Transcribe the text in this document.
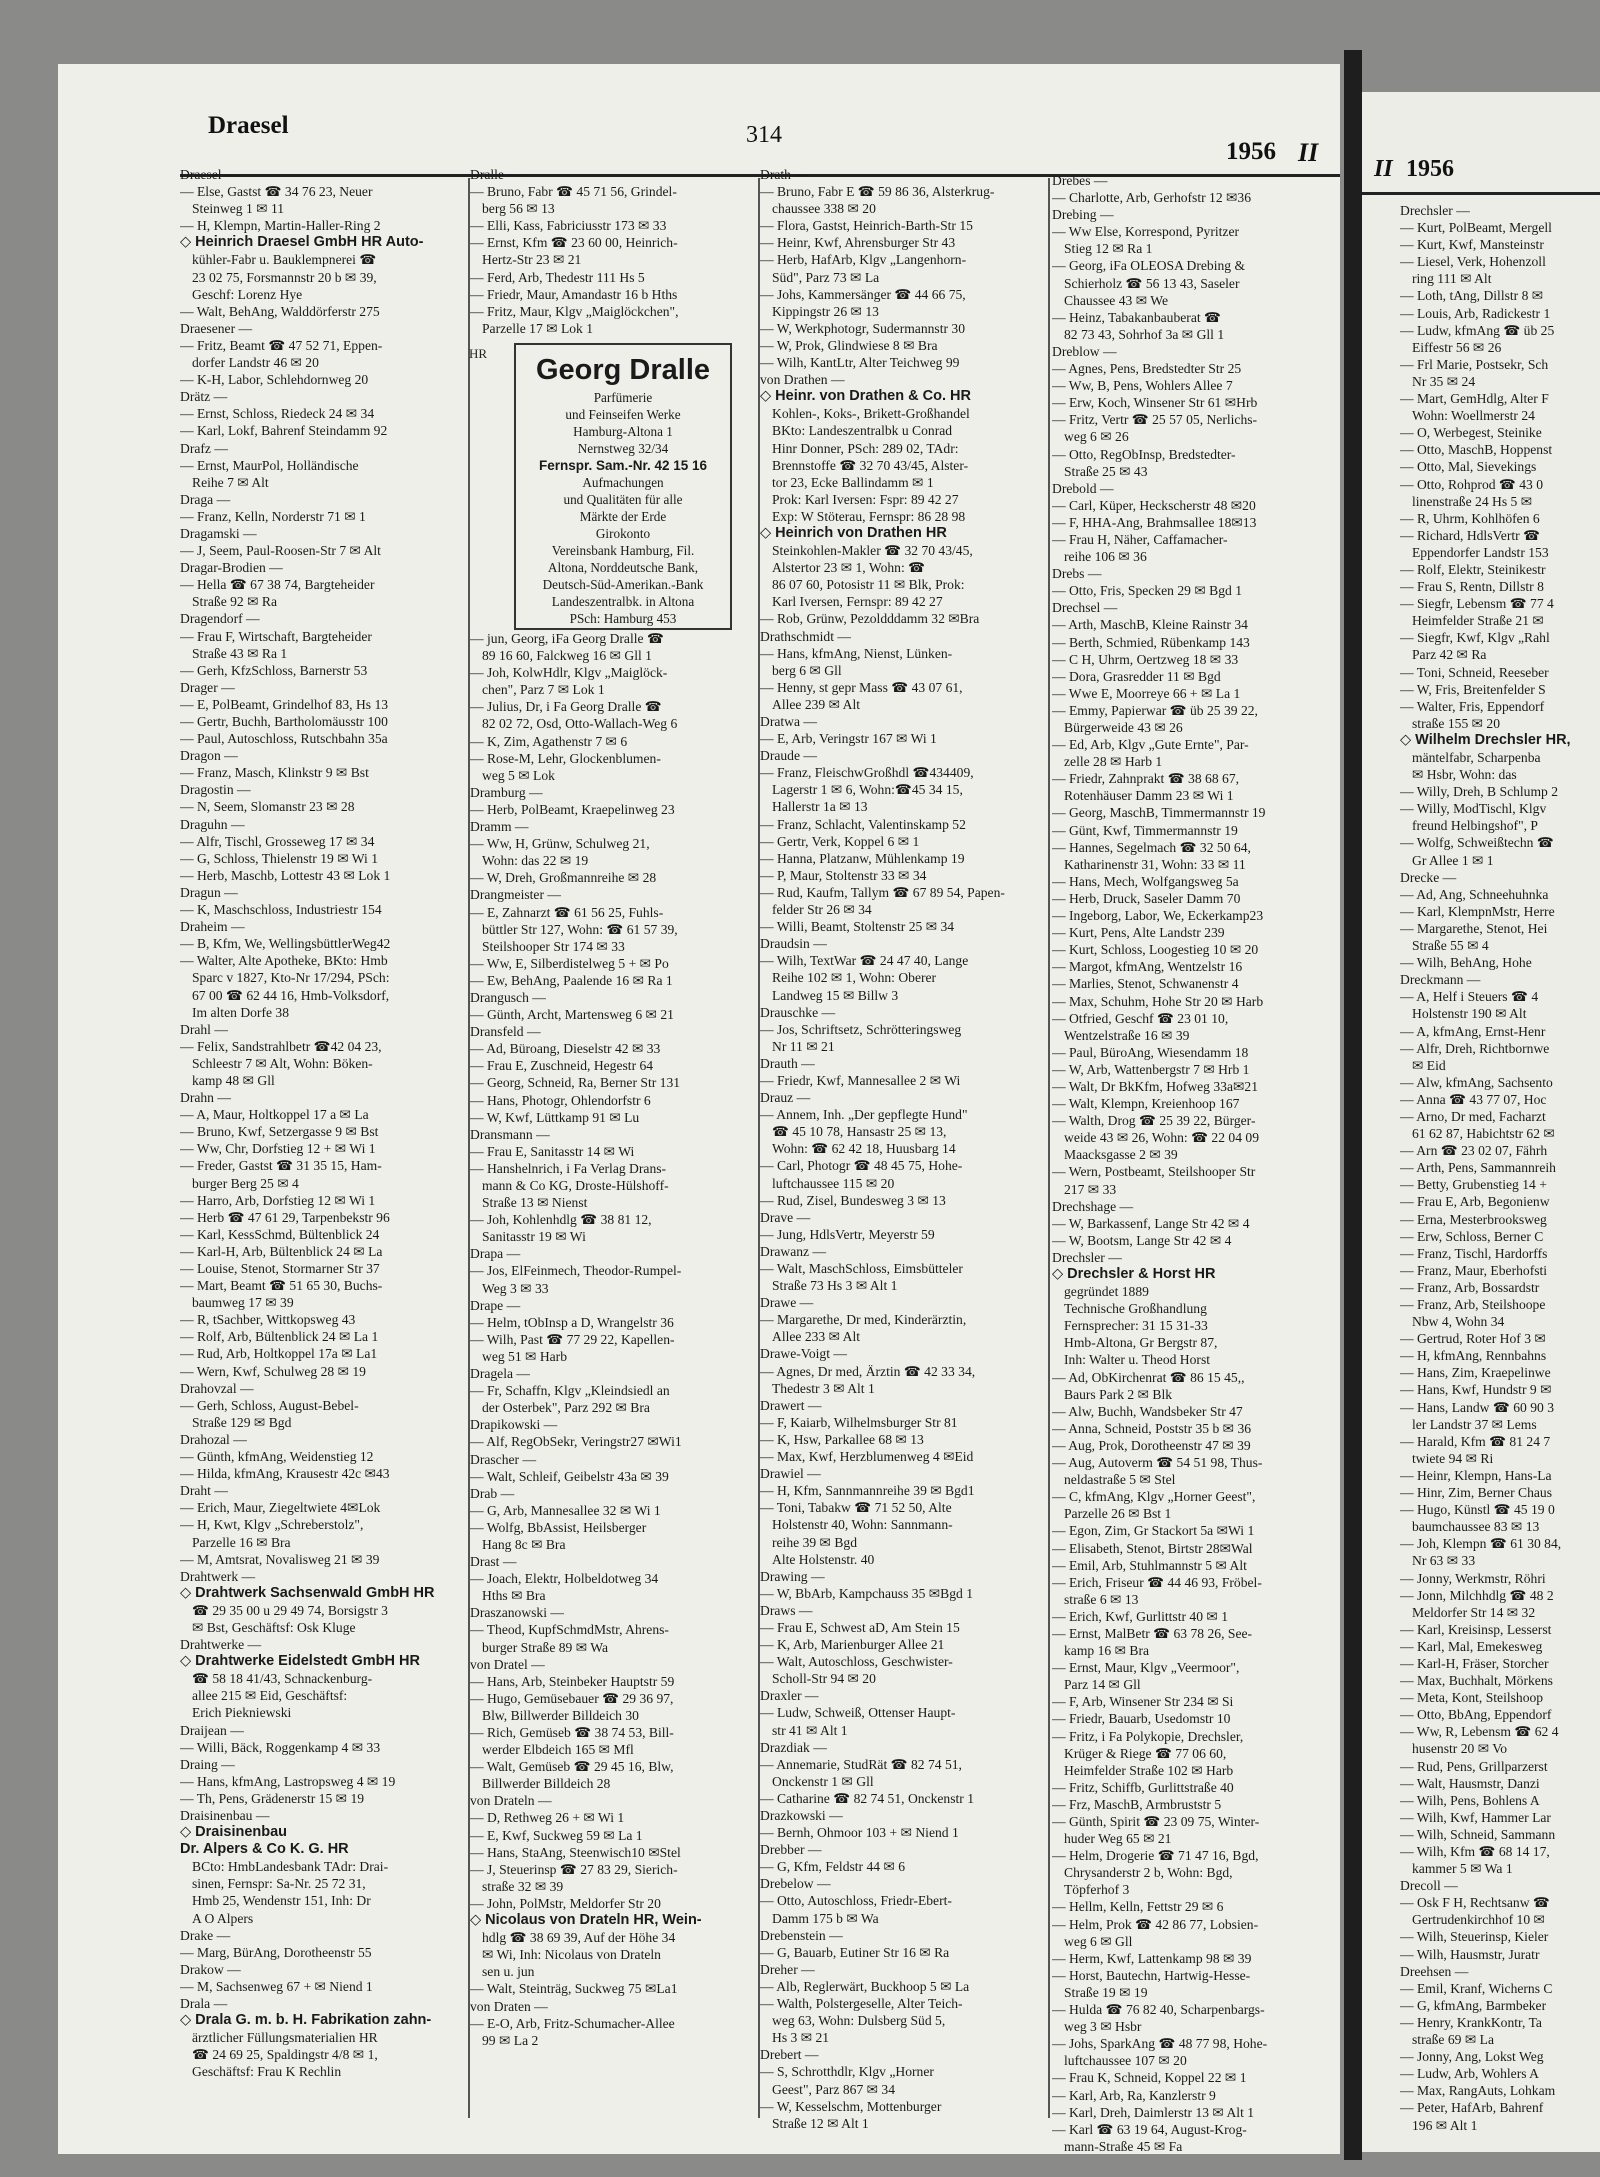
II 1956
Drechsler —
— Kurt, PolBeamt, Mergell
— Kurt, Kwf, Mansteinstr
— Liesel, Verk, Hohenzoll
ring 111 ✉ Alt
— Loth, tAng, Dillstr 8 ✉
— Louis, Arb, Radickestr 1
— Ludw, kfmAng ☎ üb 25
Eiffestr 56 ✉ 26
— Frl Marie, Postsekr, Sch
Nr 35 ✉ 24
— Mart, GemHdlg, Alter F
Wohn: Woellmerstr 24
— O, Werbegest, Steinike
— Otto, MaschB, Hoppenst
— Otto, Mal, Sievekings
— Otto, Rohprod ☎ 43 0
linenstraße 24 Hs 5 ✉
— R, Uhrm, Kohlhöfen 6
— Richard, HdlsVertr ☎
Eppendorfer Landstr 153
— Rolf, Elektr, Steinikestr
— Frau S, Rentn, Dillstr 8
— Siegfr, Lebensm ☎ 77 4
Heimfelder Straße 21 ✉
— Siegfr, Kwf, Klgv „Rahl
Parz 42 ✉ Ra
— Toni, Schneid, Reeseber
— W, Fris, Breitenfelder S
— Walter, Fris, Eppendorf
straße 155 ✉ 20
◇ Wilhelm Drechsler HR,
mäntelfabr, Scharpenba
✉ Hsbr, Wohn: das
— Willy, Dreh, B Schlump 2
— Willy, ModTischl, Klgv
freund Helbingshof", P
— Wolfg, Schweißtechn ☎
Gr Allee 1 ✉ 1
Drecke —
— Ad, Ang, Schneehuhnka
— Karl, KlempnMstr, Herre
— Margarethe, Stenot, Hei
Straße 55 ✉ 4
— Wilh, BehAng, Hohe
Dreckmann —
— A, Helf i Steuers ☎ 4
Holstenstr 190 ✉ Alt
— A, kfmAng, Ernst-Henr
— Alfr, Dreh, Richtbornwe
✉ Eid
— Alw, kfmAng, Sachsento
— Anna ☎ 43 77 07, Hoc
— Arno, Dr med, Facharzt
61 62 87, Habichtstr 62 ✉
— Arn ☎ 23 02 07, Fährh
— Arth, Pens, Sammannreih
— Betty, Grubenstieg 14 +
— Frau E, Arb, Begonienw
— Erna, Mesterbrooksweg
— Erw, Schloss, Berner C
— Franz, Tischl, Hardorffs
— Franz, Maur, Eberhofsti
— Franz, Arb, Bossardstr
— Franz, Arb, Steilshoope
Nbw 4, Wohn 34
— Gertrud, Roter Hof 3 ✉
— H, kfmAng, Rennbahns
— Hans, Zim, Kraepelinwe
— Hans, Kwf, Hundstr 9 ✉
— Hans, Landw ☎ 60 90 3
ler Landstr 37 ✉ Lems
— Harald, Kfm ☎ 81 24 7
twiete 94 ✉ Ri
— Heinr, Klempn, Hans-La
— Hinr, Zim, Berner Chaus
— Hugo, Künstl ☎ 45 19 0
baumchaussee 83 ✉ 13
— Joh, Klempn ☎ 61 30 84,
Nr 63 ✉ 33
— Jonny, Werkmstr, Röhri
— Jonn, Milchhdlg ☎ 48 2
Meldorfer Str 14 ✉ 32
— Karl, Kreisinsp, Lesserst
— Karl, Mal, Emekesweg
— Karl-H, Fräser, Storcher
— Max, Buchhalt, Mörkens
— Meta, Kont, Steilshoop
— Otto, BbAng, Eppendorf
— Ww, R, Lebensm ☎ 62 4
husenstr 20 ✉ Vo
— Rud, Pens, Grillparzerst
— Walt, Hausmstr, Danzi
— Wilh, Pens, Bohlens A
— Wilh, Kwf, Hammer Lar
— Wilh, Schneid, Sammann
— Wilh, Kfm ☎ 68 14 17,
kammer 5 ✉ Wa 1
Drecoll —
— Osk F H, Rechtsanw ☎
Gertrudenkirchhof 10 ✉
— Wilh, Steuerinsp, Kieler
— Wilh, Hausmstr, Juratr
Dreehsen —
— Emil, Kranf, Wicherns C
— G, kfmAng, Barmbeker
— Henry, KrankKontr, Ta
straße 69 ✉ La
— Jonny, Ang, Lokst Weg
— Ludw, Arb, Wohlers A
— Max, RangAuts, Lohkam
— Peter, HafArb, Bahrenf
196 ✉ Alt 1
Draesel	314
1956 II
Draesel —
— Else, Gastst ☎ 34 76 23, Neuer
Steinweg 1 ✉ 11
— H, Klempn, Martin-Haller-Ring 2
◇ Heinrich Draesel GmbH HR Auto-
kühler-Fabr u. Bauklempnerei ☎
23 02 75, Forsmannstr 20 b ✉ 39,
Geschf: Lorenz Hye
— Walt, BehAng, Walddörferstr 275
Draesener —
— Fritz, Beamt ☎ 47 52 71, Eppen-
dorfer Landstr 46 ✉ 20
— K-H, Labor, Schlehdornweg 20
Drätz —
— Ernst, Schloss, Riedeck 24 ✉ 34
— Karl, Lokf, Bahrenf Steindamm 92
Drafz —
— Ernst, MaurPol, Holländische
Reihe 7 ✉ Alt
Draga —
— Franz, Kelln, Norderstr 71 ✉ 1
Dragamski —
— J, Seem, Paul-Roosen-Str 7 ✉ Alt
Dragar-Brodien —
— Hella ☎ 67 38 74, Bargteheider
Straße 92 ✉ Ra
Dragendorf —
— Frau F, Wirtschaft, Bargteheider
Straße 43 ✉ Ra 1
— Gerh, KfzSchloss, Barnerstr 53
Drager —
— E, PolBeamt, Grindelhof 83, Hs 13
— Gertr, Buchh, Bartholomäusstr 100
— Paul, Autoschloss, Rutschbahn 35a
Dragon —
— Franz, Masch, Klinkstr 9 ✉ Bst
Dragostin —
— N, Seem, Slomanstr 23 ✉ 28
Draguhn —
— Alfr, Tischl, Grosseweg 17 ✉ 34
— G, Schloss, Thielenstr 19 ✉ Wi 1
— Herb, Maschb, Lottestr 43 ✉ Lok 1
Dragun —
— K, Maschschloss, Industriestr 154
Draheim —
— B, Kfm, We, WellingsbüttlerWeg42
— Walter, Alte Apotheke, BKto: Hmb
Sparc v 1827, Kto-Nr 17/294, PSch:
67 00 ☎ 62 44 16, Hmb-Volksdorf,
Im alten Dorfe 38
Drahl —
— Felix, Sandstrahlbetr ☎42 04 23,
Schleestr 7 ✉ Alt, Wohn: Böken-
kamp 48 ✉ Gll
Drahn —
— A, Maur, Holtkoppel 17 a ✉ La
— Bruno, Kwf, Setzergasse 9 ✉ Bst
— Ww, Chr, Dorfstieg 12 + ✉ Wi 1
— Freder, Gastst ☎ 31 35 15, Ham-
burger Berg 25 ✉ 4
— Harro, Arb, Dorfstieg 12 ✉ Wi 1
— Herb ☎ 47 61 29, Tarpenbekstr 96
— Karl, KessSchmd, Bültenblick 24
— Karl-H, Arb, Bültenblick 24 ✉ La
— Louise, Stenot, Stormarner Str 37
— Mart, Beamt ☎ 51 65 30, Buchs-
baumweg 17 ✉ 39
— R, tSachber, Wittkopsweg 43
— Rolf, Arb, Bültenblick 24 ✉ La 1
— Rud, Arb, Holtkoppel 17a ✉ La1
— Wern, Kwf, Schulweg 28 ✉ 19
Drahovzal —
— Gerh, Schloss, August-Bebel-
Straße 129 ✉ Bgd
Drahozal —
— Günth, kfmAng, Weidenstieg 12
— Hilda, kfmAng, Krausestr 42c ✉43
Draht —
— Erich, Maur, Ziegeltwiete 4✉Lok
— H, Kwt, Klgv „Schreberstolz",
Parzelle 16 ✉ Bra
— M, Amtsrat, Novalisweg 21 ✉ 39
Drahtwerk —
◇ Drahtwerk Sachsenwald GmbH HR
☎ 29 35 00 u 29 49 74, Borsigstr 3
✉ Bst, Geschäftsf: Osk Kluge
Drahtwerke —
◇ Drahtwerke Eidelstedt GmbH HR
☎ 58 18 41/43, Schnackenburg-
allee 215 ✉ Eid, Geschäftsf:
Erich Piekniewski
Draijean —
— Willi, Bäck, Roggenkamp 4 ✉ 33
Draing —
— Hans, kfmAng, Lastropsweg 4 ✉ 19
— Th, Pens, Grädenerstr 15 ✉ 19
Draisinenbau —
◇ Draisinenbau
Dr. Alpers & Co K. G. HR
BCto: HmbLandesbank TAdr: Drai-
sinen, Fernspr: Sa-Nr. 25 72 31,
Hmb 25, Wendenstr 151, Inh: Dr
A O Alpers
Drake —
— Marg, BürAng, Dorotheenstr 55
Drakow —
— M, Sachsenweg 67 + ✉ Niend 1
Drala —
◇ Drala G. m. b. H. Fabrikation zahn-
ärztlicher Füllungsmaterialien HR
☎ 24 69 25, Spaldingstr 4/8 ✉ 1,
Geschäftsf: Frau K Rechlin
Dralle —
— Bruno, Fabr ☎ 45 71 56, Grindel-
berg 56 ✉ 13
— Elli, Kass, Fabriciusstr 173 ✉ 33
— Ernst, Kfm ☎ 23 60 00, Heinrich-
Hertz-Str 23 ✉ 21
— Ferd, Arb, Thedestr 111 Hs 5
— Friedr, Maur, Amandastr 16 b Hths
— Fritz, Maur, Klgv „Maiglöckchen",
Parzelle 17 ✉ Lok 1
— jun, Georg, iFa Georg Dralle ☎
89 16 60, Falckweg 16 ✉ Gll 1
— Joh, KolwHdlr, Klgv „Maiglöck-
chen", Parz 7 ✉ Lok 1
— Julius, Dr, i Fa Georg Dralle ☎
82 02 72, Osd, Otto-Wallach-Weg 6
— K, Zim, Agathenstr 7 ✉ 6
— Rose-M, Lehr, Glockenblumen-
weg 5 ✉ Lok
Dramburg —
— Herb, PolBeamt, Kraepelinweg 23
Dramm —
— Ww, H, Grünw, Schulweg 21,
Wohn: das 22 ✉ 19
— W, Dreh, Großmannreihe ✉ 28
Drangmeister —
— E, Zahnarzt ☎ 61 56 25, Fuhls-
büttler Str 127, Wohn: ☎ 61 57 39,
Steilshooper Str 174 ✉ 33
— Ww, E, Silberdistelweg 5 + ✉ Po
— Ew, BehAng, Paalende 16 ✉ Ra 1
Drangusch —
— Günth, Archt, Martensweg 6 ✉ 21
Dransfeld —
— Ad, Büroang, Dieselstr 42 ✉ 33
— Frau E, Zuschneid, Hegestr 64
— Georg, Schneid, Ra, Berner Str 131
— Hans, Photogr, Ohlendorfstr 6
— W, Kwf, Lüttkamp 91 ✉ Lu
Dransmann —
— Frau E, Sanitasstr 14 ✉ Wi
— Hanshelnrich, i Fa Verlag Drans-
mann & Co KG, Droste-Hülshoff-
Straße 13 ✉ Nienst
— Joh, Kohlenhdlg ☎ 38 81 12,
Sanitasstr 19 ✉ Wi
Drapa —
— Jos, ElFeinmech, Theodor-Rumpel-
Weg 3 ✉ 33
Drape —
— Helm, tObInsp a D, Wrangelstr 36
— Wilh, Past ☎ 77 29 22, Kapellen-
weg 51 ✉ Harb
Dragela —
— Fr, Schaffn, Klgv „Kleindsiedl an
der Osterbek", Parz 292 ✉ Bra
Drapikowski —
— Alf, RegObSekr, Veringstr27 ✉Wi1
Drascher —
— Walt, Schleif, Geibelstr 43a ✉ 39
Drab —
— G, Arb, Mannesallee 32 ✉ Wi 1
— Wolfg, BbAssist, Heilsberger
Hang 8c ✉ Bra
Drast —
— Joach, Elektr, Holbeldotweg 34
Hths ✉ Bra
Draszanowski —
— Theod, KupfSchmdMstr, Ahrens-
burger Straße 89 ✉ Wa
von Dratel —
— Hans, Arb, Steinbeker Hauptstr 59
— Hugo, Gemüsebauer ☎ 29 36 97,
Blw, Billwerder Billdeich 30
— Rich, Gemüseb ☎ 38 74 53, Bill-
werder Elbdeich 165 ✉ Mfl
— Walt, Gemüseb ☎ 29 45 16, Blw,
Billwerder Billdeich 28
von Drateln —
— D, Rethweg 26 + ✉ Wi 1
— E, Kwf, Suckweg 59 ✉ La 1
— Hans, StaAng, Steenwisch10 ✉Stel
— J, Steuerinsp ☎ 27 83 29, Sierich-
straße 32 ✉ 39
— John, PolMstr, Meldorfer Str 20
◇ Nicolaus von Drateln HR, Wein-
hdlg ☎ 38 69 39, Auf der Höhe 34
✉ Wi, Inh: Nicolaus von Drateln
sen u. jun
— Walt, Steinträg, Suckweg 75 ✉La1
von Draten —
— E-O, Arb, Fritz-Schumacher-Allee
99 ✉ La 2
Drath —
— Bruno, Fabr E ☎ 59 86 36, Alsterkrug-
chaussee 338 ✉ 20
— Flora, Gastst, Heinrich-Barth-Str 15
— Heinr, Kwf, Ahrensburger Str 43
— Herb, HafArb, Klgv „Langenhorn-
Süd", Parz 73 ✉ La
— Johs, Kammersänger ☎ 44 66 75,
Kippingstr 26 ✉ 13
— W, Werkphotogr, Sudermannstr 30
— W, Prok, Glindwiese 8 ✉ Bra
— Wilh, KantLtr, Alter Teichweg 99
von Drathen —
◇ Heinr. von Drathen & Co. HR
Kohlen-, Koks-, Brikett-Großhandel
BKto: Landeszentralbk u Conrad
Hinr Donner, PSch: 289 02, TAdr:
Brennstoffe ☎ 32 70 43/45, Alster-
tor 23, Ecke Ballindamm ✉ 1
Prok: Karl Iversen: Fspr: 89 42 27
Exp: W Stöterau, Fernspr: 86 28 98
◇ Heinrich von Drathen HR
Steinkohlen-Makler ☎ 32 70 43/45,
Alstertor 23 ✉ 1, Wohn: ☎
86 07 60, Potosistr 11 ✉ Blk, Prok:
Karl Iversen, Fernspr: 89 42 27
— Rob, Grünw, Pezoldddamm 32 ✉Bra
Drathschmidt —
— Hans, kfmAng, Nienst, Lünken-
berg 6 ✉ Gll
— Henny, st gepr Mass ☎ 43 07 61,
Allee 239 ✉ Alt
Dratwa —
— E, Arb, Veringstr 167 ✉ Wi 1
Draude —
— Franz, FleischwGroßhdl ☎434409,
Lagerstr 1 ✉ 6, Wohn:☎45 34 15,
Hallerstr 1a ✉ 13
— Franz, Schlacht, Valentinskamp 52
— Gertr, Verk, Koppel 6 ✉ 1
— Hanna, Platzanw, Mühlenkamp 19
— P, Maur, Stoltenstr 33 ✉ 34
— Rud, Kaufm, Tallym ☎ 67 89 54, Papen-
felder Str 26 ✉ 34
— Willi, Beamt, Stoltenstr 25 ✉ 34
Draudsin —
— Wilh, TextWar ☎ 24 47 40, Lange
Reihe 102 ✉ 1, Wohn: Oberer
Landweg 15 ✉ Billw 3
Drauschke —
— Jos, Schriftsetz, Schrötteringsweg
Nr 11 ✉ 21
Drauth —
— Friedr, Kwf, Mannesallee 2 ✉ Wi
Drauz —
— Annem, Inh. „Der gepflegte Hund"
☎ 45 10 78, Hansastr 25 ✉ 13,
Wohn: ☎ 62 42 18, Huusbarg 14
— Carl, Photogr ☎ 48 45 75, Hohe-
luftchaussee 115 ✉ 20
— Rud, Zisel, Bundesweg 3 ✉ 13
Drave —
— Jung, HdlsVertr, Meyerstr 59
Drawanz —
— Walt, MaschSchloss, Eimsbütteler
Straße 73 Hs 3 ✉ Alt 1
Drawe —
— Margarethe, Dr med, Kinderärztin,
Allee 233 ✉ Alt
Drawe-Voigt —
— Agnes, Dr med, Ärztin ☎ 42 33 34,
Thedestr 3 ✉ Alt 1
Drawert —
— F, Kaiarb, Wilhelmsburger Str 81
— K, Hsw, Parkallee 68 ✉ 13
— Max, Kwf, Herzblumenweg 4 ✉Eid
Drawiel —
— H, Kfm, Sannmannreihe 39 ✉ Bgd1
— Toni, Tabakw ☎ 71 52 50, Alte
Holstenstr 40, Wohn: Sannmann-
reihe 39 ✉ Bgd
Alte Holstenstr. 40
Drawing —
— W, BbArb, Kampchauss 35 ✉Bgd 1
Draws —
— Frau E, Schwest aD, Am Stein 15
— K, Arb, Marienburger Allee 21
— Walt, Autoschloss, Geschwister-
Scholl-Str 94 ✉ 20
Draxler —
— Ludw, Schweiß, Ottenser Haupt-
str 41 ✉ Alt 1
Drazdiak —
— Annemarie, StudRät ☎ 82 74 51,
Onckenstr 1 ✉ Gll
— Catharine ☎ 82 74 51, Onckenstr 1
Drazkowski —
— Bernh, Ohmoor 103 + ✉ Niend 1
Drebber —
— G, Kfm, Feldstr 44 ✉ 6
Drebelow —
— Otto, Autoschloss, Friedr-Ebert-
Damm 175 b ✉ Wa
Drebenstein —
— G, Bauarb, Eutiner Str 16 ✉ Ra
Dreher —
— Alb, Reglerwärt, Buckhoop 5 ✉ La
— Walth, Polstergeselle, Alter Teich-
weg 63, Wohn: Dulsberg Süd 5,
Hs 3 ✉ 21
Drebert —
— S, Schrotthdlr, Klgv „Horner
Geest", Parz 867 ✉ 34
— W, Kesselschm, Mottenburger
Straße 12 ✉ Alt 1
Drebes —
— Charlotte, Arb, Gerhofstr 12 ✉36
Drebing —
— Ww Else, Korrespond, Pyritzer
Stieg 12 ✉ Ra 1
— Georg, iFa OLEOSA Drebing &
Schierholz ☎ 56 13 43, Saseler
Chaussee 43 ✉ We
— Heinz, Tabakanbauberat ☎
82 73 43, Sohrhof 3a ✉ Gll 1
Dreblow —
— Agnes, Pens, Bredstedter Str 25
— Ww, B, Pens, Wohlers Allee 7
— Erw, Koch, Winsener Str 61 ✉Hrb
— Fritz, Vertr ☎ 25 57 05, Nerlichs-
weg 6 ✉ 26
— Otto, RegObInsp, Bredstedter-
Straße 25 ✉ 43
Drebold —
— Carl, Küper, Heckscherstr 48 ✉20
— F, HHA-Ang, Brahmsallee 18✉13
— Frau H, Näher, Caffamacher-
reihe 106 ✉ 36
Drebs —
— Otto, Fris, Specken 29 ✉ Bgd 1
Drechsel —
— Arth, MaschB, Kleine Rainstr 34
— Berth, Schmied, Rübenkamp 143
— C H, Uhrm, Oertzweg 18 ✉ 33
— Dora, Grasredder 11 ✉ Bgd
— Wwe E, Moorreye 66 + ✉ La 1
— Emmy, Papierwar ☎ üb 25 39 22,
Bürgerweide 43 ✉ 26
— Ed, Arb, Klgv „Gute Ernte", Par-
zelle 28 ✉ Harb 1
— Friedr, Zahnprakt ☎ 38 68 67,
Rotenhäuser Damm 23 ✉ Wi 1
— Georg, MaschB, Timmermannstr 19
— Günt, Kwf, Timmermannstr 19
— Hannes, Segelmach ☎ 32 50 64,
Katharinenstr 31, Wohn: 33 ✉ 11
— Hans, Mech, Wolfgangsweg 5a
— Herb, Druck, Saseler Damm 70
— Ingeborg, Labor, We, Eckerkamp23
— Kurt, Pens, Alte Landstr 239
— Kurt, Schloss, Loogestieg 10 ✉ 20
— Margot, kfmAng, Wentzelstr 16
— Marlies, Stenot, Schwanenstr 4
— Max, Schuhm, Hohe Str 20 ✉ Harb
— Otfried, Geschf ☎ 23 01 10,
Wentzelstraße 16 ✉ 39
— Paul, BüroAng, Wiesendamm 18
— W, Arb, Wattenbergstr 7 ✉ Hrb 1
— Walt, Dr BkKfm, Hofweg 33a✉21
— Walt, Klempn, Kreienhoop 167
— Walth, Drog ☎ 25 39 22, Bürger-
weide 43 ✉ 26, Wohn: ☎ 22 04 09
Maacksgasse 2 ✉ 39
— Wern, Postbeamt, Steilshooper Str
217 ✉ 33
Drechshage —
— W, Barkassenf, Lange Str 42 ✉ 4
— W, Bootsm, Lange Str 42 ✉ 4
Drechsler —
◇ Drechsler & Horst HR
gegründet 1889
Technische Großhandlung
Fernsprecher: 31 15 31-33
Hmb-Altona, Gr Bergstr 87,
Inh: Walter u. Theod Horst
— Ad, ObKirchenrat ☎ 86 15 45,,
Baurs Park 2 ✉ Blk
— Alw, Buchh, Wandsbeker Str 47
— Anna, Schneid, Poststr 35 b ✉ 36
— Aug, Prok, Dorotheenstr 47 ✉ 39
— Aug, Autoverm ☎ 54 51 98, Thus-
neldastraße 5 ✉ Stel
— C, kfmAng, Klgv „Horner Geest",
Parzelle 26 ✉ Bst 1
— Egon, Zim, Gr Stackort 5a ✉Wi 1
— Elisabeth, Stenot, Birtstr 28✉Wal
— Emil, Arb, Stuhlmannstr 5 ✉ Alt
— Erich, Friseur ☎ 44 46 93, Fröbel-
straße 6 ✉ 13
— Erich, Kwf, Gurlittstr 40 ✉ 1
— Ernst, MalBetr ☎ 63 78 26, See-
kamp 16 ✉ Bra
— Ernst, Maur, Klgv „Veermoor",
Parz 14 ✉ Gll
— F, Arb, Winsener Str 234 ✉ Si
— Friedr, Bauarb, Usedomstr 10
— Fritz, i Fa Polykopie, Drechsler,
Krüger & Riege ☎ 77 06 60,
Heimfelder Straße 102 ✉ Harb
— Fritz, Schiffb, Gurlittstraße 40
— Frz, MaschB, Armbruststr 5
— Günth, Spirit ☎ 23 09 75, Winter-
huder Weg 65 ✉ 21
— Helm, Drogerie ☎ 71 47 16, Bgd,
Chrysanderstr 2 b, Wohn: Bgd,
Töpferhof 3
— Hellm, Kelln, Fettstr 29 ✉ 6
— Helm, Prok ☎ 42 86 77, Lobsien-
weg 6 ✉ Gll
— Herm, Kwf, Lattenkamp 98 ✉ 39
— Horst, Bautechn, Hartwig-Hesse-
Straße 19 ✉ 19
— Hulda ☎ 76 82 40, Scharpenbargs-
weg 3 ✉ Hsbr
— Johs, SparkAng ☎ 48 77 98, Hohe-
luftchaussee 107 ✉ 20
— Frau K, Schneid, Koppel 22 ✉ 1
— Karl, Arb, Ra, Kanzlerstr 9
— Karl, Dreh, Daimlerstr 13 ✉ Alt 1
— Karl ☎ 63 19 64, August-Krog-
mann-Straße 45 ✉ Fa
HR
Georg Dralle
Parfümerie
und Feinseifen Werke
Hamburg-Altona 1
Nernstweg 32/34
Fernspr. Sam.-Nr. 42 15 16
Aufmachungen
und Qualitäten für alle
Märkte der Erde
Girokonto
Vereinsbank Hamburg, Fil.
Altona, Norddeutsche Bank,
Deutsch-Süd-Amerikan.-Bank
Landeszentralbk. in Altona
PSch: Hamburg 453
